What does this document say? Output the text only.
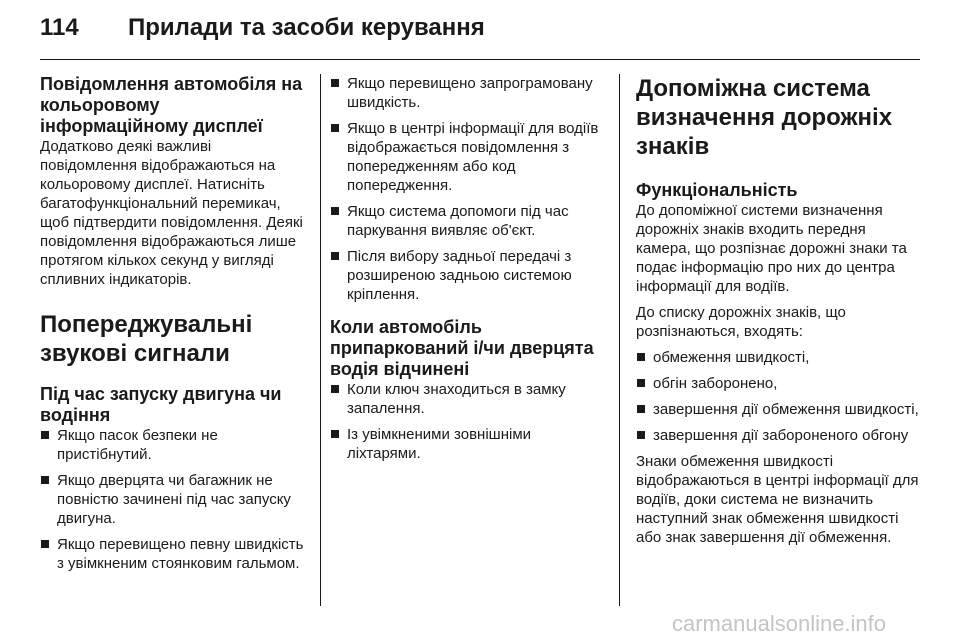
114 Прилади та засоби керування
Повідомлення автомобіля на кольоровому інформаційному дисплеї

Додатково деякі важливі повідомлення відображаються на кольоровому дисплеї. Натисніть багатофункціональний перемикач, щоб підтвердити повідомлення. Деякі повідомлення відображаються лише протягом кількох секунд у вигляді спливних індикаторів.

Попереджувальні звукові сигнали
Під час запуску двигуна чи водіння
Якщо пасок безпеки не пристібнутий.
Якщо дверцята чи багажник не повністю зачинені під час запуску двигуна.
Якщо перевищено певну швидкість з увімкненим стоянковим гальмом.
Якщо перевищено запрограмовану швидкість.
Якщо в центрі інформації для водіїв відображається повідомлення з попередженням або код попередження.
Якщо система допомоги під час паркування виявляє об'єкт.
Після вибору задньої передачі з розширеною задньою системою кріплення.
Коли автомобіль припаркований і/чи дверцята водія відчинені
Коли ключ знаходиться в замку запалення.
Із увімкненими зовнішніми ліхтарями.
Допоміжна система визначення дорожніх знаків
Функціональність

До допоміжної системи визначення дорожніх знаків входить передня камера, що розпізнає дорожні знаки та подає інформацію про них до центра інформації для водіїв.

До списку дорожніх знаків, що розпізнаються, входять:

обмеження швидкості,
обгін заборонено,
завершення дії обмеження швидкості,
завершення дії забороненого обгону

Знаки обмеження швидкості відображаються в центрі інформації для водіїв, доки система не визначить наступний знак обмеження швидкості або знак завершення дії обмеження.

carmanualsonline.info
